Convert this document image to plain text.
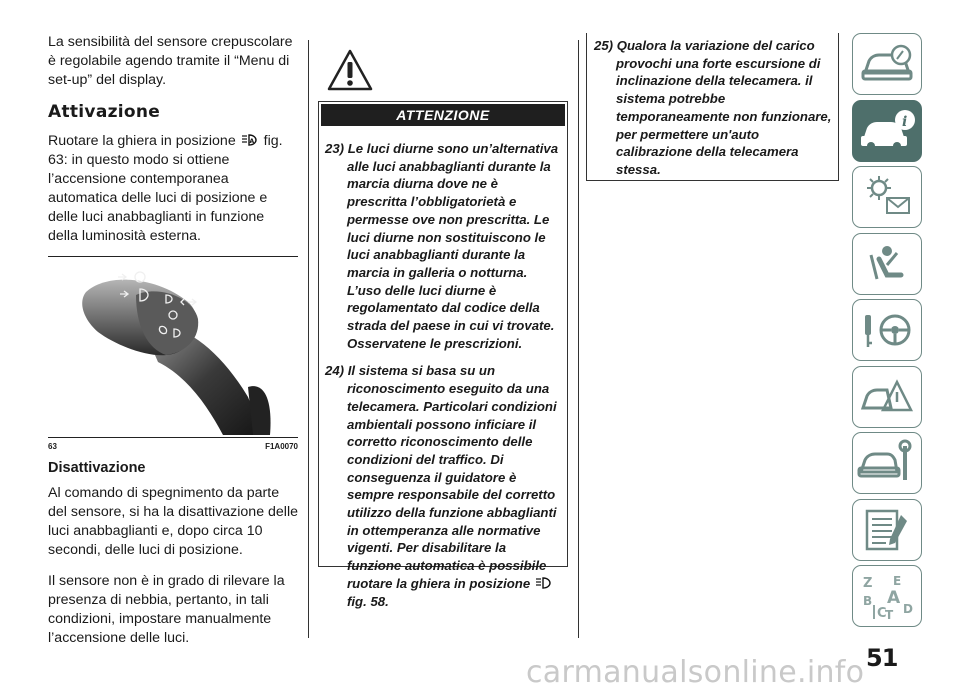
La sensibilità del sensore crepuscolare è regolabile agendo tramite il “Menu di set-up” del display.

Attivazione

Ruotare la ghiera in posizione A fig. 63: in questo modo si ottiene l’accensione contemporanea automatica delle luci di posizione e delle luci anabbaglianti in funzione della luminosità esterna.

63	F1A0070
Disattivazione

Al comando di spegnimento da parte del sensore, si ha la disattivazione delle luci anabbaglianti e, dopo circa 10 secondi, delle luci di posizione.

Il sensore non è in grado di rilevare la presenza di nebbia, pertanto, in tali condizioni, impostare manualmente l’accensione delle luci.

ATTENZIONE
23) Le luci diurne sono un’alternativa alle luci anabbaglianti durante la marcia diurna dove ne è prescritta l’obbligatorietà e permesse ove non prescritta. Le luci diurne non sostituiscono le luci anabbaglianti durante la marcia in galleria o notturna. L’uso delle luci diurne è regolamentato dal codice della strada del paese in cui vi trovate. Osservatene le prescrizioni.
24) Il sistema si basa su un riconoscimento eseguito da una telecamera. Particolari condizioni ambientali possono inficiare il corretto riconoscimento delle condizioni del traffico. Di conseguenza il guidatore è sempre responsabile del corretto utilizzo della funzione abbaglianti in ottemperanza alle normative vigenti. Per disabilitare la funzione automatica è possibile ruotare la ghiera in posizione  fig. 58.
25) Qualora la variazione del carico provochi una forte escursione di inclinazione della telecamera. il sistema potrebbe temporaneamente non funzionare, per permettere un'auto calibrazione della telecamera stessa.
i
Z E
B A
C
T D
51
carmanualsonline.info
